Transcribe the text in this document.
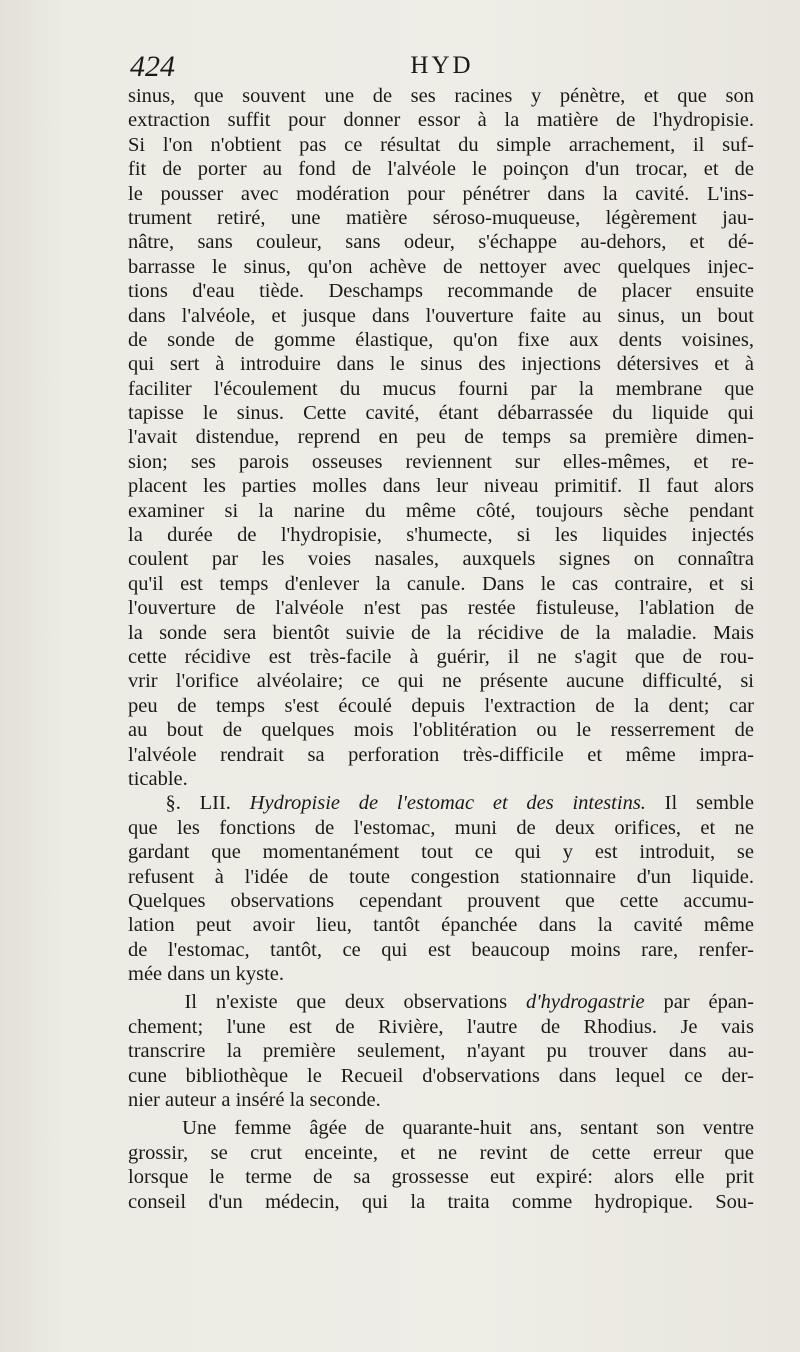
424	HYD
sinus, que souvent une de ses racines y pénètre, et que son
extraction suffit pour donner essor à la matière de l'hydropisie.
Si l'on n'obtient pas ce résultat du simple arrachement, il suf-
fit de porter au fond de l'alvéole le poinçon d'un trocar, et de
le pousser avec modération pour pénétrer dans la cavité. L'ins-
trument retiré, une matière séroso-muqueuse, légèrement jau-
nâtre, sans couleur, sans odeur, s'échappe au-dehors, et dé-
barrasse le sinus, qu'on achève de nettoyer avec quelques injec-
tions d'eau tiède. Deschamps recommande de placer ensuite
dans l'alvéole, et jusque dans l'ouverture faite au sinus, un bout
de sonde de gomme élastique, qu'on fixe aux dents voisines,
qui sert à introduire dans le sinus des injections détersives et à
faciliter l'écoulement du mucus fourni par la membrane que
tapisse le sinus. Cette cavité, étant débarrassée du liquide qui
l'avait distendue, reprend en peu de temps sa première dimen-
sion; ses parois osseuses reviennent sur elles-mêmes, et re-
placent les parties molles dans leur niveau primitif. Il faut alors
examiner si la narine du même côté, toujours sèche pendant
la durée de l'hydropisie, s'humecte, si les liquides injectés
coulent par les voies nasales, auxquels signes on connaîtra
qu'il est temps d'enlever la canule. Dans le cas contraire, et si
l'ouverture de l'alvéole n'est pas restée fistuleuse, l'ablation de
la sonde sera bientôt suivie de la récidive de la maladie. Mais
cette récidive est très-facile à guérir, il ne s'agit que de rou-
vrir l'orifice alvéolaire; ce qui ne présente aucune difficulté, si
peu de temps s'est écoulé depuis l'extraction de la dent; car
au bout de quelques mois l'oblitération ou le resserrement de
l'alvéole rendrait sa perforation très-difficile et même impra-
ticable.
§. LII. Hydropisie de l'estomac et des intestins. Il semble
que les fonctions de l'estomac, muni de deux orifices, et ne
gardant que momentanément tout ce qui y est introduit, se
refusent à l'idée de toute congestion stationnaire d'un liquide.
Quelques observations cependant prouvent que cette accumu-
lation peut avoir lieu, tantôt épanchée dans la cavité même
de l'estomac, tantôt, ce qui est beaucoup moins rare, renfer-
mée dans un kyste.
Il n'existe que deux observations d'hydrogastrie par épan-
chement; l'une est de Rivière, l'autre de Rhodius. Je vais
transcrire la première seulement, n'ayant pu trouver dans au-
cune bibliothèque le Recueil d'observations dans lequel ce der-
nier auteur a inséré la seconde.
Une femme âgée de quarante-huit ans, sentant son ventre
grossir, se crut enceinte, et ne revint de cette erreur que
lorsque le terme de sa grossesse eut expiré: alors elle prit
conseil d'un médecin, qui la traita comme hydropique. Sou-
